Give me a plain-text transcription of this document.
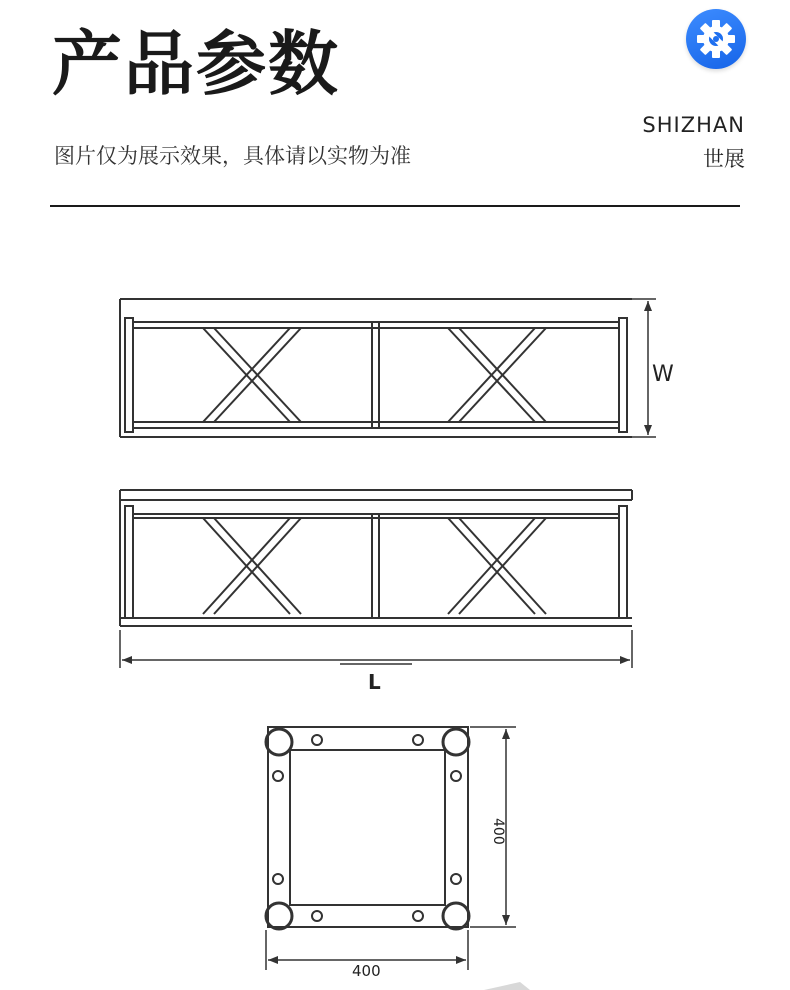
产品参数
图片仅为展示效果，具体请以实物为准
SHIZHAN
世展
W
L
400
400
